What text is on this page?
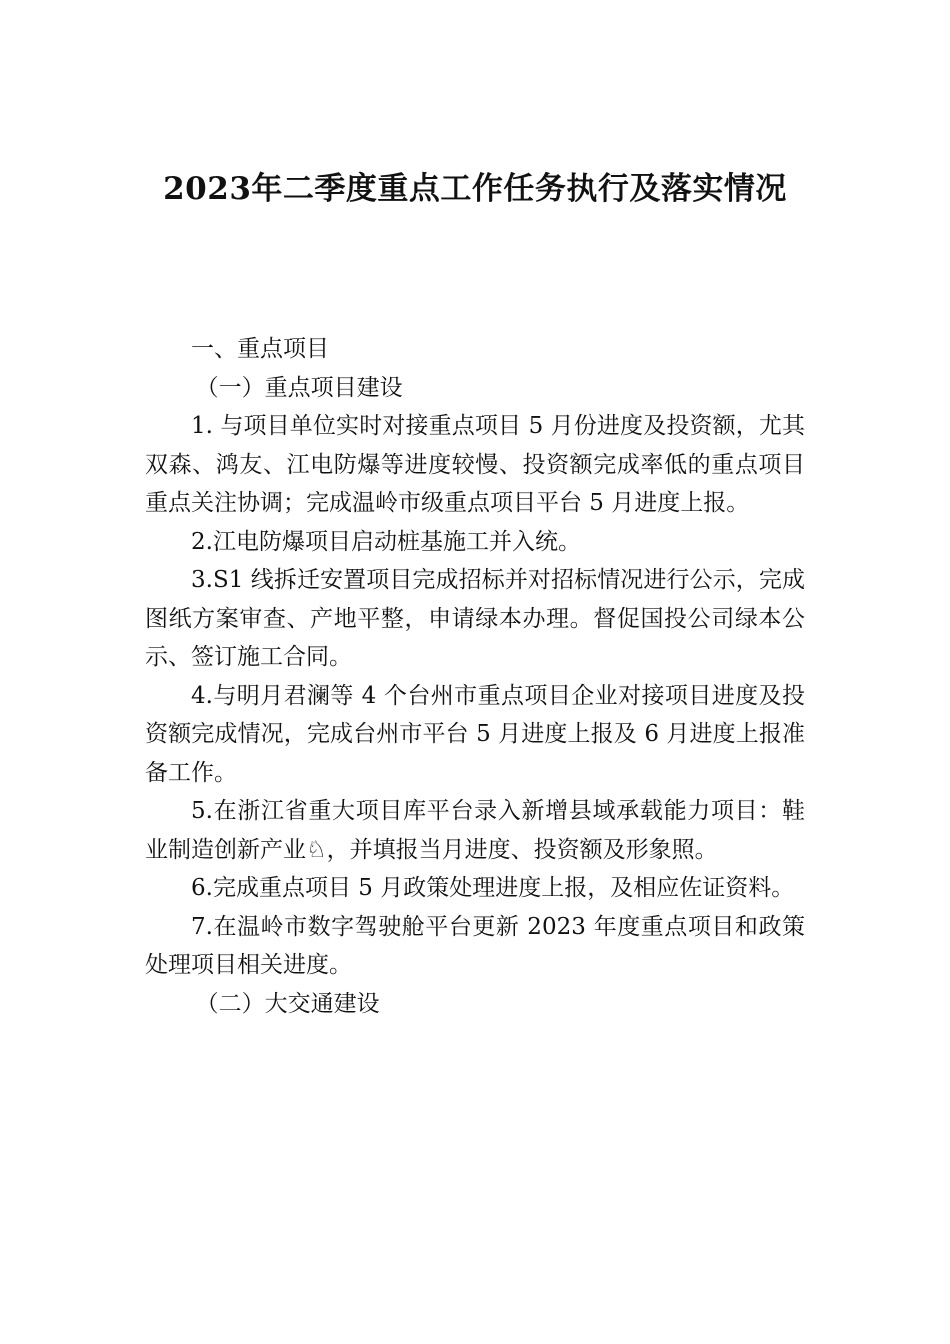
2023年二季度重点工作任务执行及落实情况

一、重点项目

（一）重点项目建设

1. 与项目单位实时对接重点项目 5 月份进度及投资额，尤其双森、鸿友、江电防爆等进度较慢、投资额完成率低的重点项目重点关注协调；完成温岭市级重点项目平台 5 月进度上报。

2.江电防爆项目启动桩基施工并入统。

3.S1 线拆迁安置项目完成招标并对招标情况进行公示，完成图纸方案审查、产地平整，申请绿本办理。督促国投公司绿本公示、签订施工合同。

4.与明月君澜等 4 个台州市重点项目企业对接项目进度及投资额完成情况，完成台州市平台 5 月进度上报及 6 月进度上报准备工作。

5.在浙江省重大项目库平台录入新增县域承载能力项目：鞋业制造创新产业♘，并填报当月进度、投资额及形象照。

6.完成重点项目 5 月政策处理进度上报，及相应佐证资料。

7.在温岭市数字驾驶舱平台更新 2023 年度重点项目和政策处理项目相关进度。

（二）大交通建设
